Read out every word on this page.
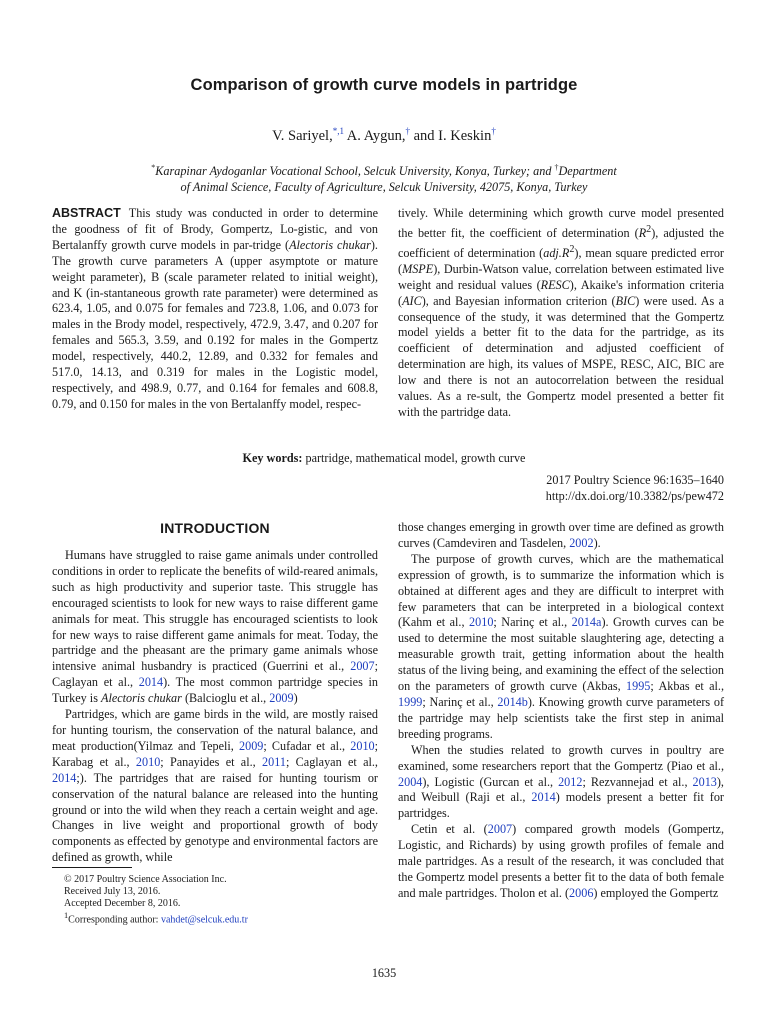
Comparison of growth curve models in partridge
V. Sariyel,$^{*,1}$ A. Aygun,† and I. Keskin†
*Karapinar Aydoganlar Vocational School, Selcuk University, Konya, Turkey; and †Department
of Animal Science, Faculty of Agriculture, Selcuk University, 42075, Konya, Turkey

ABSTRACT This study was conducted in order to determine the goodness of fit of Brody, Gompertz, Lo-gistic, and von Bertalanffy growth curve models in par-tridge (Alectoris chukar). The growth curve parameters A (upper asymptote or mature weight parameter), B (scale parameter related to initial weight), and K (in-stantaneous growth rate parameter) were determined as 623.4, 1.05, and 0.075 for females and 723.8, 1.06, and 0.073 for males in the Brody model, respectively, 472.9, 3.47, and 0.207 for females and 565.3, 3.59, and 0.192 for males in the Gompertz model, respectively, 440.2, 12.89, and 0.332 for females and 517.0, 14.13, and 0.319 for males in the Logistic model, respectively, and 498.9, 0.77, and 0.164 for females and 608.8, 0.79, and 0.150 for males in the von Bertalanffy model, respec-

tively. While determining which growth curve model presented the better fit, the coefficient of determination $(R^2)$, adjusted the coefficient of determination $(adj.R^2)$, mean square predicted error (MSPE), Durbin-Watson value, correlation between estimated live weight and residual values (RESC), Akaike's information criteria (AIC), and Bayesian information criterion (BIC) were used. As a consequence of the study, it was determined that the Gompertz model yields a better fit to the data for the partridge, as its coefficient of determination and adjusted coefficient of determination are high, its values of MSPE, RESC, AIC, BIC are low and there is not an autocorrelation between the residual values. As a re-sult, the Gompertz model presented a better fit with the partridge data.

Key words: partridge, mathematical model, growth curve
2017 Poultry Science 96:1635–1640
http://dx.doi.org/10.3382/ps/pew472
INTRODUCTION

Humans have struggled to raise game animals under controlled conditions in order to replicate the benefits of wild-reared animals, such as high productivity and superior taste. This struggle has encouraged scientists to look for new ways to raise different game animals for meat. This struggle has encouraged scientists to look for new ways to raise different game animals for meat. Today, the partridge and the pheasant are the primary game animals whose intensive animal husbandry is practiced (Guerrini et al., 2007; Caglayan et al., 2014). The most common partridge species in Turkey is Alectoris chukar (Balcioglu et al., 2009)

Partridges, which are game birds in the wild, are mostly raised for hunting tourism, the conservation of the natural balance, and meat production(Yilmaz and Tepeli, 2009; Cufadar et al., 2010; Karabag et al., 2010; Panayides et al., 2011; Caglayan et al., 2014;). The partridges that are raised for hunting tourism or conservation of the natural balance are released into the hunting ground or into the wild when they reach a certain weight and age. Changes in live weight and proportional growth of body components as effected by genotype and environmental factors are defined as growth, while

those changes emerging in growth over time are defined as growth curves (Camdeviren and Tasdelen, 2002).

The purpose of growth curves, which are the mathematical expression of growth, is to summarize the information which is obtained at different ages and they are difficult to interpret with few parameters that can be interpreted in a biological context (Kahm et al., 2010; Narinç et al., 2014a). Growth curves can be used to determine the most suitable slaughtering age, detecting a measurable growth trait, getting information about the health status of the living being, and examining the effect of the selection on the parameters of growth curve (Akbas, 1995; Akbas et al., 1999; Narinç et al., 2014b). Knowing growth curve parameters of the partridge may help scientists take the first step in animal breeding programs.

When the studies related to growth curves in poultry are examined, some researchers report that the Gompertz (Piao et al., 2004), Logistic (Gurcan et al., 2012; Rezvannejad et al., 2013), and Weibull (Raji et al., 2014) models present a better fit for partridges.

Cetin et al. (2007) compared growth models (Gompertz, Logistic, and Richards) by using growth profiles of female and male partridges. As a result of the research, it was concluded that the Gompertz model presents a better fit to the data of both female and male partridges. Tholon et al. (2006) employed the Gompertz

© 2017 Poultry Science Association Inc.
Received July 13, 2016.
Accepted December 8, 2016.
$^1$Corresponding author: vahdet@selcuk.edu.tr
1635
